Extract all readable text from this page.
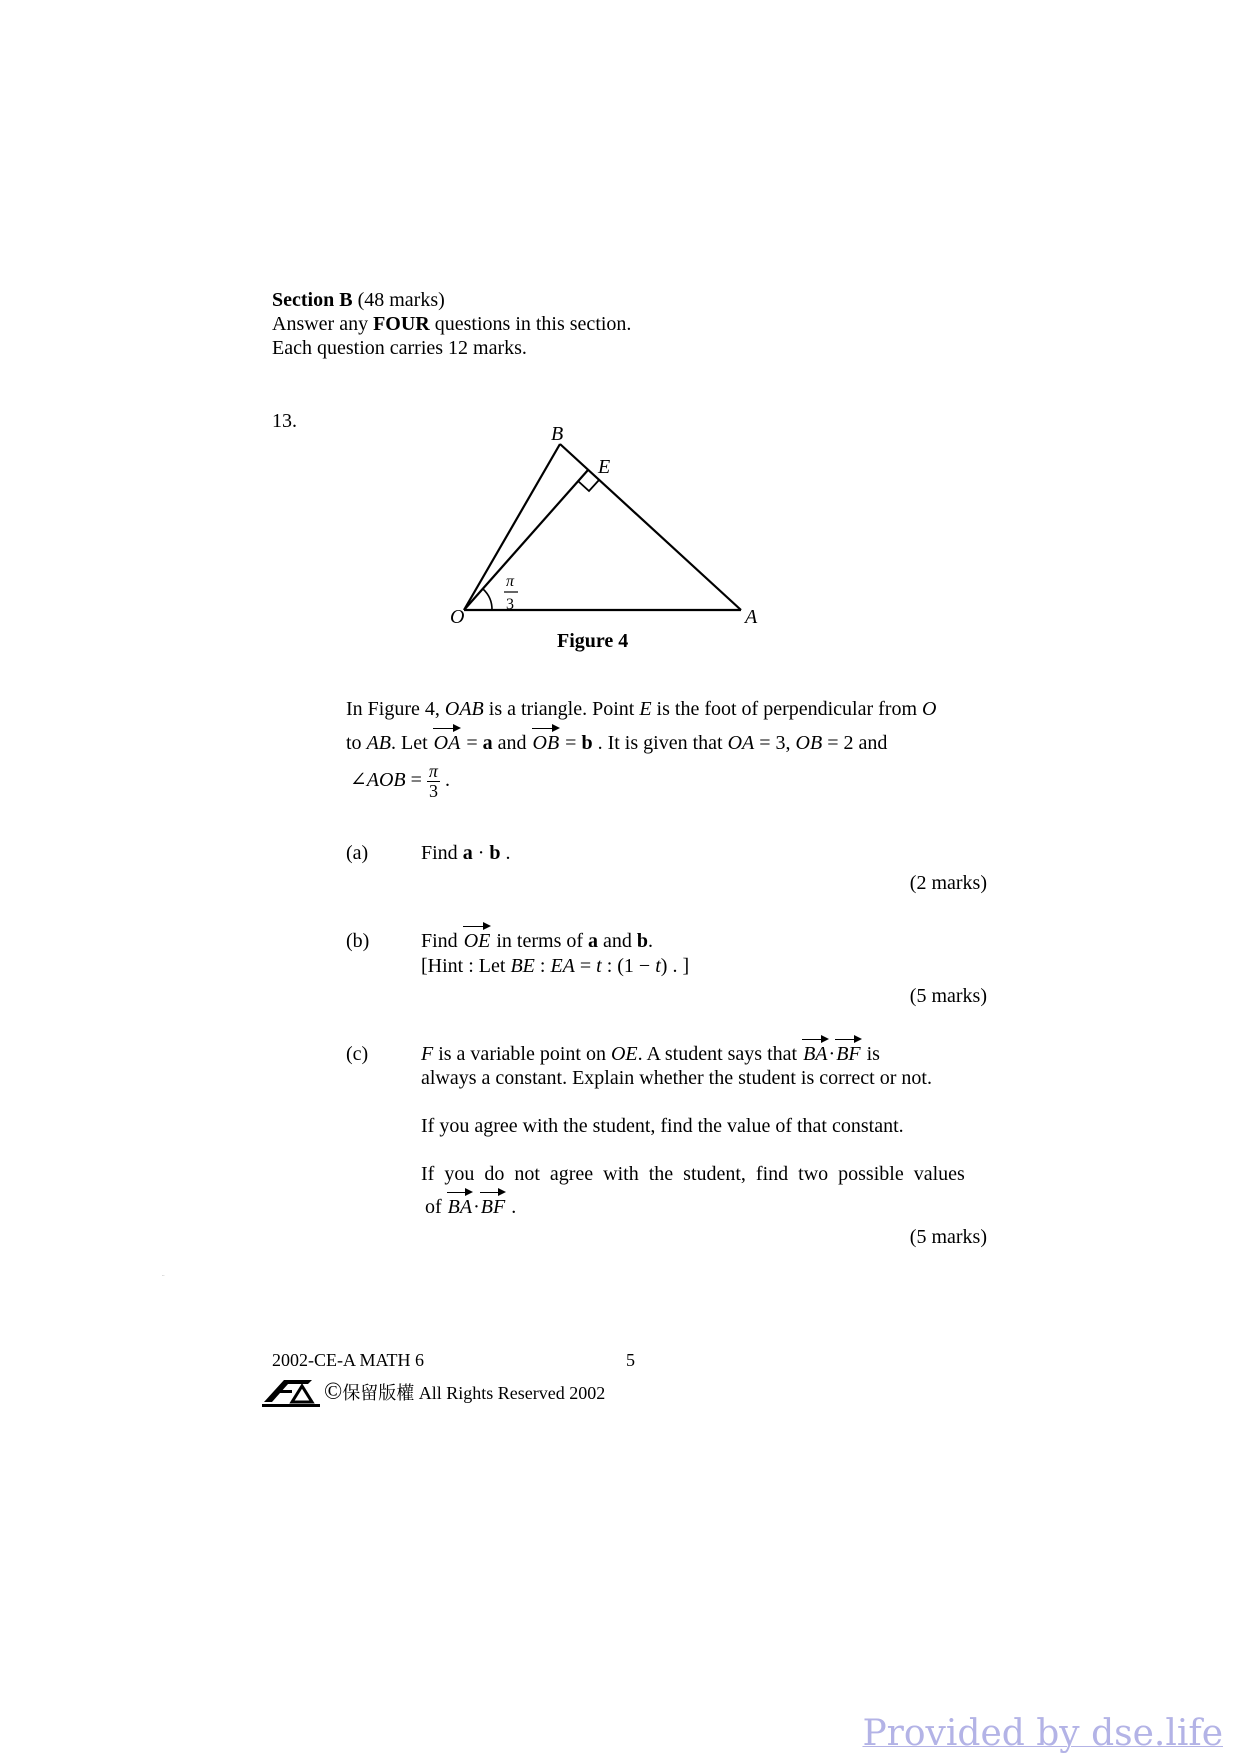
Section B (48 marks)
Answer any FOUR questions in this section.
Each question carries 12 marks.
13.
O	A
B
E
π
3
Figure 4
In Figure 4, OAB is a triangle. Point E is the foot of perpendicular from O
to AB. Let OA = a and OB = b . It is given that OA = 3, OB = 2 and
∠AOB = $\frac{\pi}{3}$ .
(a)	Find a · b .
(2 marks)
(b)	Find OE in terms of a and b.
[Hint : Let BE : EA = t : (1 − t) . ]
(5 marks)
(c)	F is a variable point on OE. A student says that BA·BF is
always a constant. Explain whether the student is correct or not.
If you agree with the student, find the value of that constant.
If  you  do  not  agree  with  the  student,  find  two  possible  values
of BA·BF .
(5 marks)
2002-CE-A MATH 6	5
HKEA
© 保留版權 All Rights Reserved 2002
Provided by dse.life
